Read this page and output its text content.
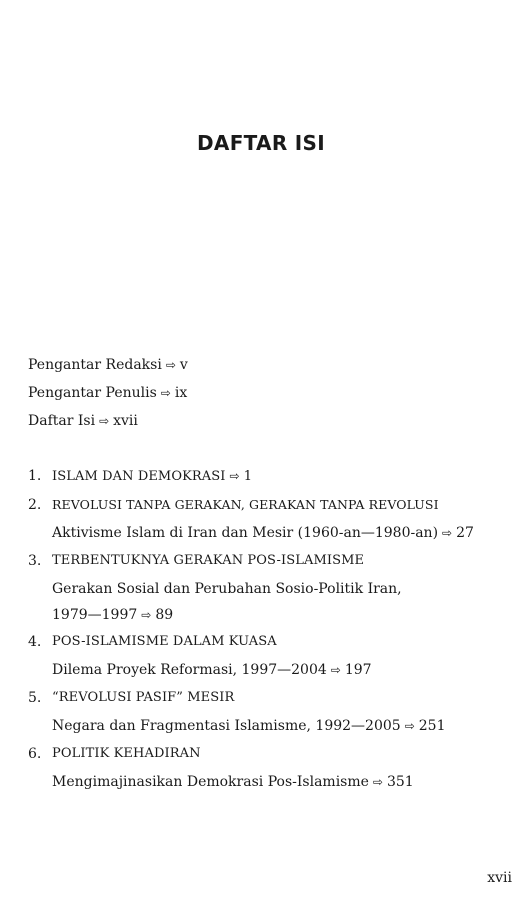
DAFTAR ISI
Pengantar Redaksi ⇨ v
Pengantar Penulis ⇨ ix
Daftar Isi ⇨ xvii
1. ISLAM DAN DEMOKRASI ⇨ 1
2. REVOLUSI TANPA GERAKAN, GERAKAN TANPA REVOLUSI
Aktivisme Islam di Iran dan Mesir (1960-an—1980-an) ⇨ 27
3. TERBENTUKNYA GERAKAN POS-ISLAMISME
Gerakan Sosial dan Perubahan Sosio-Politik Iran,
1979—1997 ⇨ 89
4. POS-ISLAMISME DALAM KUASA
Dilema Proyek Reformasi, 1997—2004 ⇨ 197
5. “REVOLUSI PASIF” MESIR
Negara dan Fragmentasi Islamisme, 1992—2005 ⇨ 251
6. POLITIK KEHADIRAN
Mengimajinasikan Demokrasi Pos-Islamisme ⇨ 351
xvii
